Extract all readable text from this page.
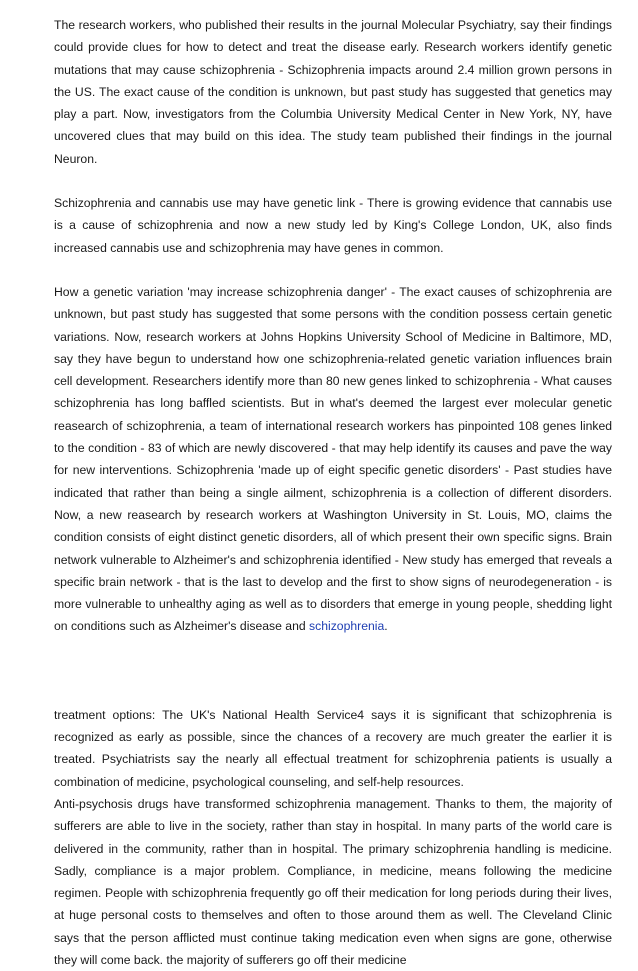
The research workers, who published their results in the journal Molecular Psychiatry, say their findings could provide clues for how to detect and treat the disease early. Research workers identify genetic mutations that may cause schizophrenia - Schizophrenia impacts around 2.4 million grown persons in the US. The exact cause of the condition is unknown, but past study has suggested that genetics may play a part. Now, investigators from the Columbia University Medical Center in New York, NY, have uncovered clues that may build on this idea. The study team published their findings in the journal Neuron.

Schizophrenia and cannabis use may have genetic link - There is growing evidence that cannabis use is a cause of schizophrenia and now a new study led by King's College London, UK, also finds increased cannabis use and schizophrenia may have genes in common.

How a genetic variation 'may increase schizophrenia danger' - The exact causes of schizophrenia are unknown, but past study has suggested that some persons with the condition possess certain genetic variations. Now, research workers at Johns Hopkins University School of Medicine in Baltimore, MD, say they have begun to understand how one schizophrenia-related genetic variation influences brain cell development. Researchers identify more than 80 new genes linked to schizophrenia - What causes schizophrenia has long baffled scientists. But in what's deemed the largest ever molecular genetic reasearch of schizophrenia, a team of international research workers has pinpointed 108 genes linked to the condition - 83 of which are newly discovered - that may help identify its causes and pave the way for new interventions. Schizophrenia 'made up of eight specific genetic disorders' - Past studies have indicated that rather than being a single ailment, schizophrenia is a collection of different disorders. Now, a new reasearch by research workers at Washington University in St. Louis, MO, claims the condition consists of eight distinct genetic disorders, all of which present their own specific signs. Brain network vulnerable to Alzheimer's and schizophrenia identified - New study has emerged that reveals a specific brain network - that is the last to develop and the first to show signs of neurodegeneration - is more vulnerable to unhealthy aging as well as to disorders that emerge in young people, shedding light on conditions such as Alzheimer's disease and schizophrenia.

treatment options: The UK's National Health Service4 says it is significant that schizophrenia is recognized as early as possible, since the chances of a recovery are much greater the earlier it is treated. Psychiatrists say the nearly all effectual treatment for schizophrenia patients is usually a combination of medicine, psychological counseling, and self-help resources.

Anti-psychosis drugs have transformed schizophrenia management. Thanks to them, the majority of sufferers are able to live in the society, rather than stay in hospital. In many parts of the world care is delivered in the community, rather than in hospital. The primary schizophrenia handling is medicine. Sadly, compliance is a major problem. Compliance, in medicine, means following the medicine regimen. People with schizophrenia frequently go off their medication for long periods during their lives, at huge personal costs to themselves and often to those around them as well. The Cleveland Clinic says that the person afflicted must continue taking medication even when signs are gone, otherwise they will come back. the majority of sufferers go off their medicine
